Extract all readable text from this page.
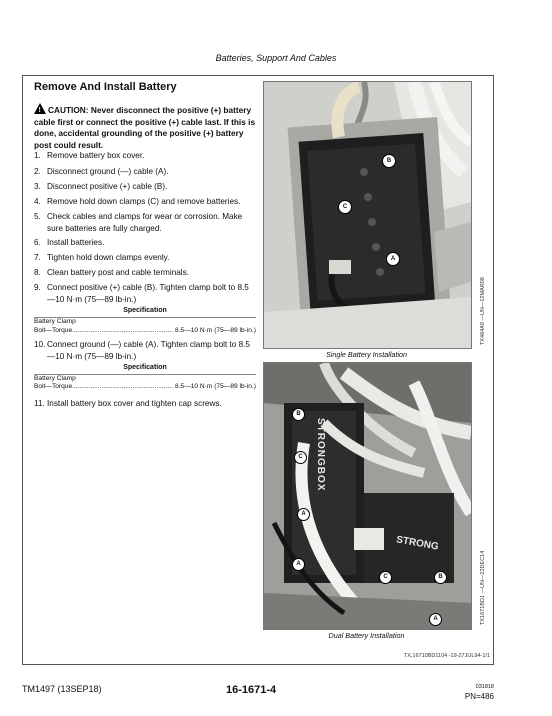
Batteries, Support And Cables
Remove And Install Battery
!CAUTION: Never disconnect the positive (+) battery cable first or connect the positive (+) cable last. If this is done, accidental grounding of the positive (+) battery post could result.
1. Remove battery box cover.
2. Disconnect ground (—) cable (A).
3. Disconnect positive (+) cable (B).
4. Remove hold down clamps (C) and remove batteries.
5. Check cables and clamps for wear or corrosion. Make sure batteries are fully charged.
6. Install batteries.
7. Tighten hold down clamps evenly.
8. Clean battery post and cable terminals.
9. Connect positive (+) cable (B). Tighten clamp bolt to 8.5—10 N·m (75—89 lb-in.)
Specification
Battery Clamp
Bolt—Torque .....	8.5—10 N·m (75—89 lb-in.)
10. Connect ground (—) cable (A). Tighten clamp bolt to 8.5—10 N·m (75—89 lb-in.)
Specification
Battery Clamp
Bolt—Torque .....	8.5—10 N·m (75—89 lb-in.)
11. Install battery box cover and tighten cap screws.
B
C
A
TX464A9 —UN—12MAR08
Single Battery Installation
STRONGBOX
STRONG
B
C
A
A
C	B
A	TX1671BD1 —UN—22DEC14
Dual Battery Installation
TX,16710BD1104 -19-27JUL94-1/1
TM1497 (13SEP18)	16-1671-4	031818
PN=486
